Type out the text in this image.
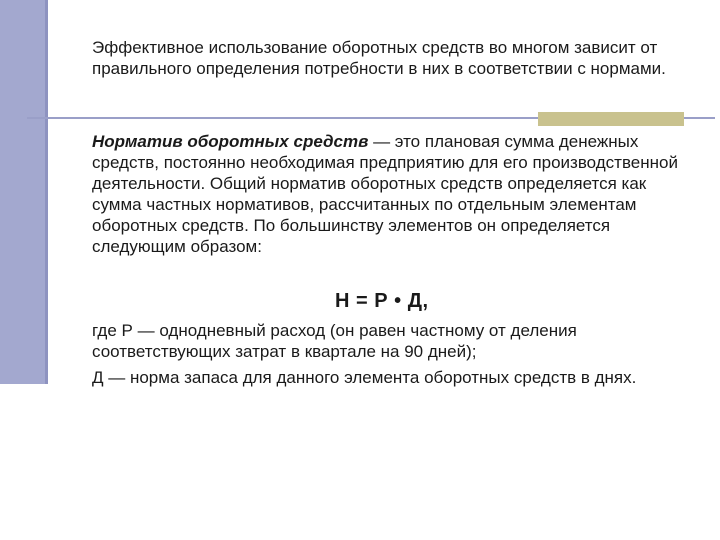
Эффективное использование оборотных средств во многом зависит от правильного определения потребности в них в соответствии с нормами.

Норматив оборотных средств — это плановая сумма денежных средств, постоянно необходимая предприятию для его производственной деятельности. Общий норматив оборотных средств определяется как сумма частных нормативов, рассчитанных по отдельным элементам оборотных средств. По большинству элементов он определяется следующим образом:

Н = Р • Д,

где Р — однодневный расход (он равен частному от деления соответствующих затрат в квартале на 90 дней);

Д — норма запаса для данного элемента оборотных средств в днях.
